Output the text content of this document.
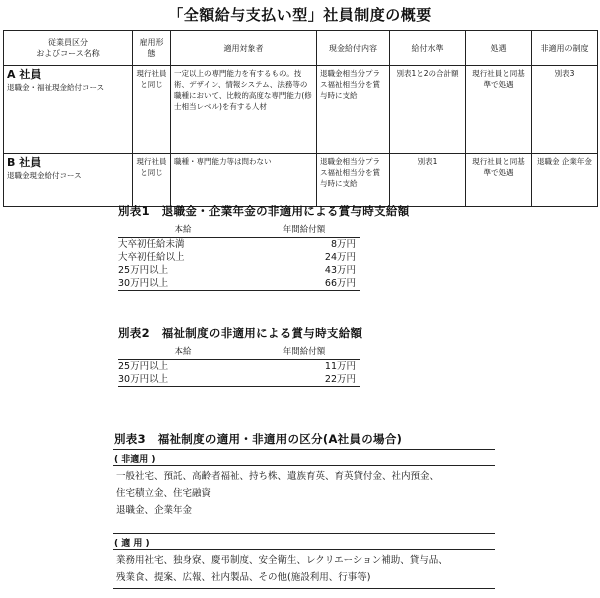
「全額給与支払い型」社員制度の概要
従業員区分
およびコース名称	雇用形態	適用対象者	現金給付内容	給付水準	処遇	非適用の制度

A 社員
退職金・福祉現金給付コース	現行社員と同じ	一定以上の専門能力を有するもの。技術、デザイン、情報システム、法務等の職種において、比較的高度な専門能力(修士相当レベル)を有する人材	退職金相当分プラス福祉相当分を賞与時に支給	別表1と2の合計額	現行社員と同基準で処遇	別表3

B 社員
退職金現金給付コース	現行社員と同じ	職種・専門能力等は問わない	退職金相当分プラス福祉相当分を賞与時に支給	別表1	現行社員と同基準で処遇	退職金 企業年金
別表1　退職金・企業年金の非適用による賞与時支給額
本給	年間給付額
大卒初任給未満	8万円
大卒初任給以上	24万円
25万円以上	43万円
30万円以上	66万円
別表2　福祉制度の非適用による賞与時支給額
本給	年間給付額
25万円以上	11万円
30万円以上	22万円
別表3　福祉制度の適用・非適用の区分(A社員の場合)
( 非適用 )
一般社宅、預託、高齢者福祉、持ち株、遺族育英、育英貸付金、社内預金、
住宅積立金、住宅融資
退職金、企業年金
( 適 用 )
業務用社宅、独身寮、慶弔制度、安全衛生、レクリエーション補助、貸与品、
残業食、提案、広報、社内製品、その他(施設利用、行事等)
